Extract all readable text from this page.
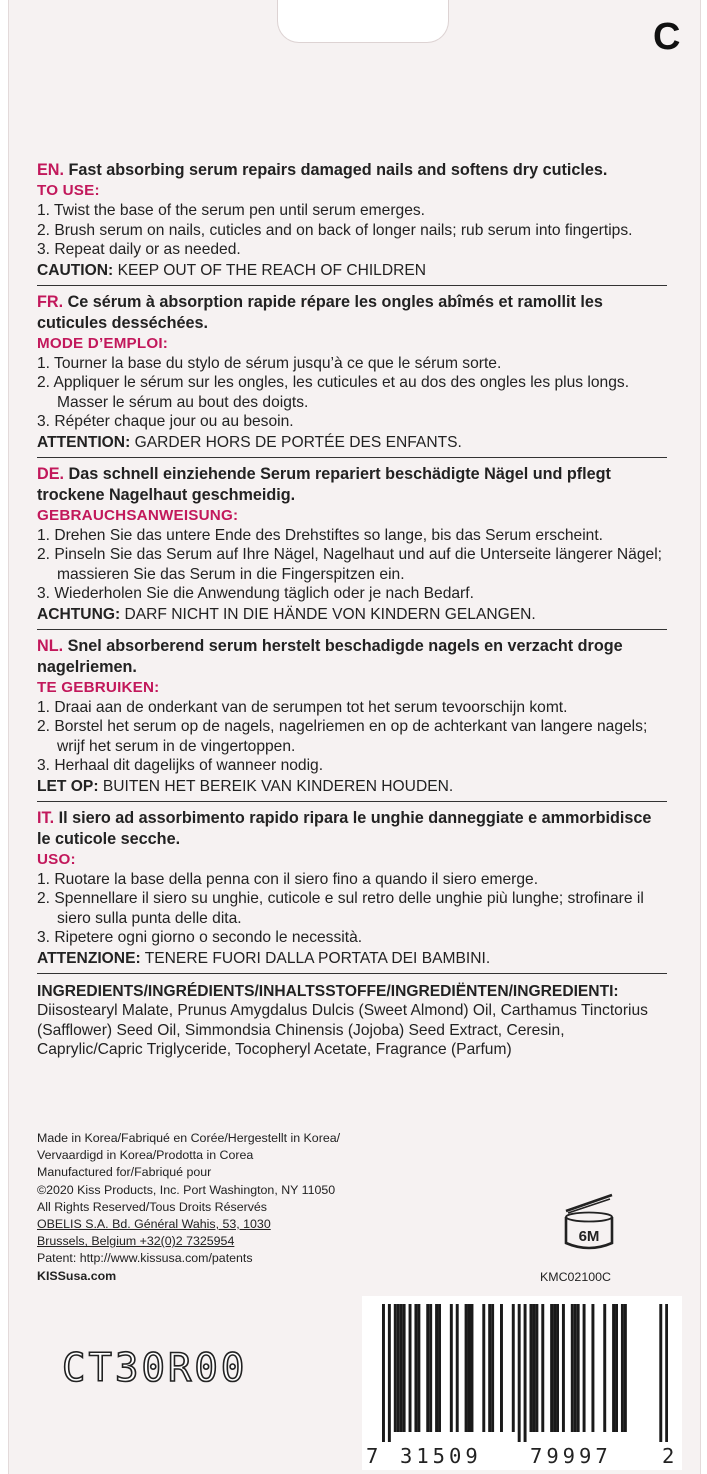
C
EN. Fast absorbing serum repairs damaged nails and softens dry cuticles.
TO USE:
1. Twist the base of the serum pen until serum emerges.
2. Brush serum on nails, cuticles and on back of longer nails; rub serum into fingertips.
3. Repeat daily or as needed.
CAUTION: KEEP OUT OF THE REACH OF CHILDREN
FR. Ce sérum à absorption rapide répare les ongles abîmés et ramollit les cuticules desséchées.
MODE D’EMPLOI:
1. Tourner la base du stylo de sérum jusqu’à ce que le sérum sorte.
2. Appliquer le sérum sur les ongles, les cuticules et au dos des ongles les plus longs. Masser le sérum au bout des doigts.
3. Répéter chaque jour ou au besoin.
ATTENTION: GARDER HORS DE PORTÉE DES ENFANTS.
DE. Das schnell einziehende Serum repariert beschädigte Nägel und pflegt trockene Nagelhaut geschmeidig.
GEBRAUCHSANWEISUNG:
1. Drehen Sie das untere Ende des Drehstiftes so lange, bis das Serum erscheint.
2. Pinseln Sie das Serum auf Ihre Nägel, Nagelhaut und auf die Unterseite längerer Nägel; massieren Sie das Serum in die Fingerspitzen ein.
3. Wiederholen Sie die Anwendung täglich oder je nach Bedarf.
ACHTUNG: DARF NICHT IN DIE HÄNDE VON KINDERN GELANGEN.
NL. Snel absorberend serum herstelt beschadigde nagels en verzacht droge nagelriemen.
TE GEBRUIKEN:
1. Draai aan de onderkant van de serumpen tot het serum tevoorschijn komt.
2. Borstel het serum op de nagels, nagelriemen en op de achterkant van langere nagels; wrijf het serum in de vingertoppen.
3. Herhaal dit dagelijks of wanneer nodig.
LET OP: BUITEN HET BEREIK VAN KINDEREN HOUDEN.
IT. Il siero ad assorbimento rapido ripara le unghie danneggiate e ammorbidisce le cuticole secche.
USO:
1. Ruotare la base della penna con il siero fino a quando il siero emerge.
2. Spennellare il siero su unghie, cuticole e sul retro delle unghie più lunghe; strofinare il siero sulla punta delle dita.
3. Ripetere ogni giorno o secondo le necessità.
ATTENZIONE: TENERE FUORI DALLA PORTATA DEI BAMBINI.
INGREDIENTS/INGRÉDIENTS/INHALTSSTOFFE/INGREDIËNTEN/INGREDIENTI:
Diisostearyl Malate, Prunus Amygdalus Dulcis (Sweet Almond) Oil, Carthamus Tinctorius (Safflower) Seed Oil, Simmondsia Chinensis (Jojoba) Seed Extract, Ceresin, Caprylic/Capric Triglyceride, Tocopheryl Acetate, Fragrance (Parfum)
Made in Korea/Fabriqué en Corée/Hergestellt in Korea/
Vervaardigd in Korea/Prodotta in Corea
Manufactured for/Fabriqué pour
©2020 Kiss Products, Inc. Port Washington, NY 11050
All Rights Reserved/Tous Droits Réservés
OBELIS S.A. Bd. Général Wahis, 53, 1030
Brussels, Belgium +32(0)2 7325954
Patent: http://www.kissusa.com/patents
KISSusa.com
6M
KMC02100C
CT30R00
7 31509 79997 2
